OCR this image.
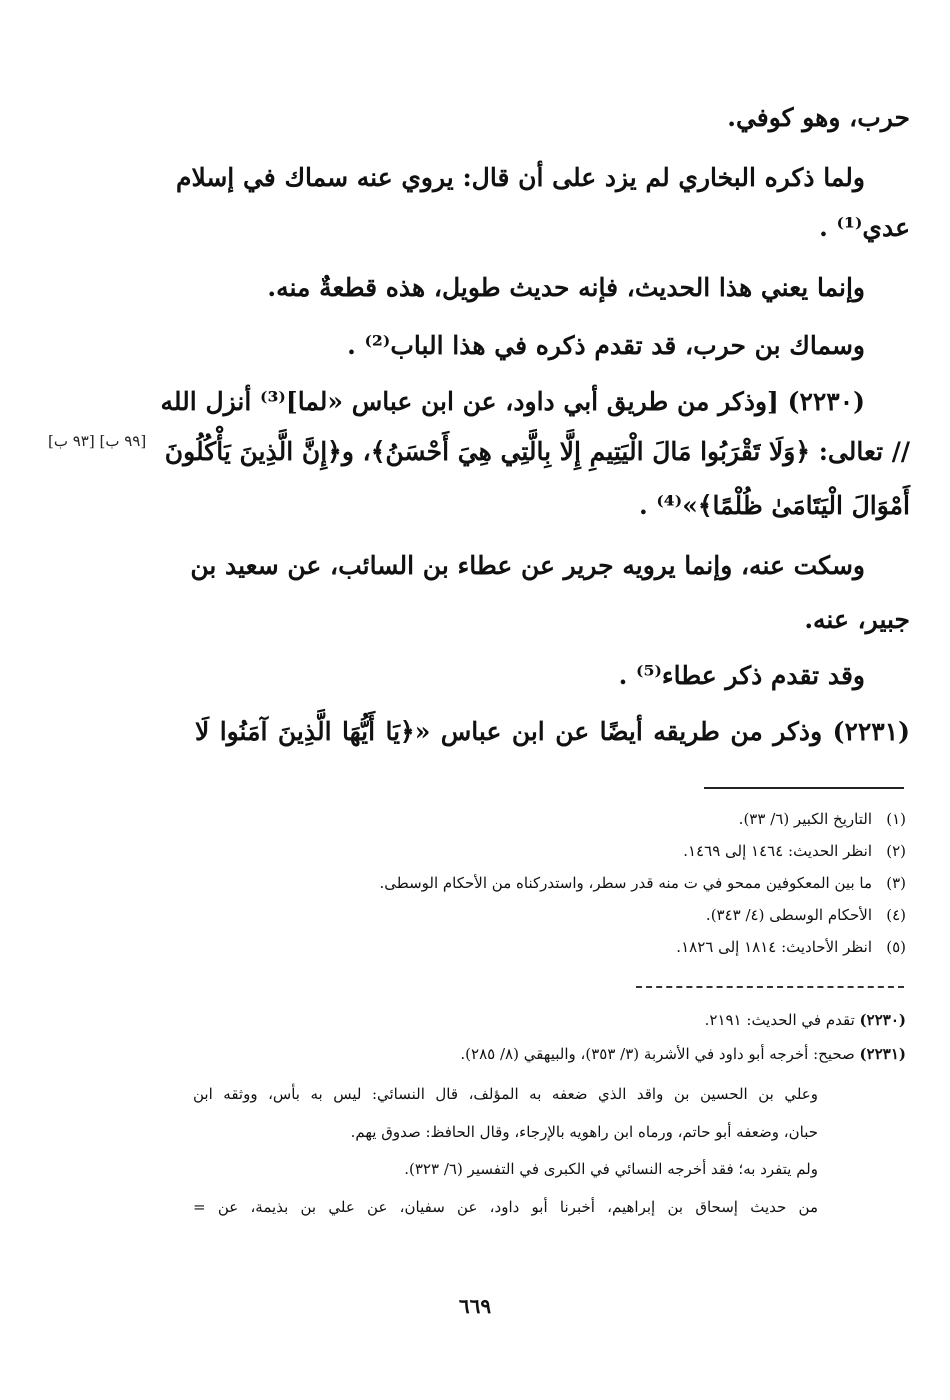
حرب، وهو كوفي.
ولما ذكره البخاري لم يزد على أن قال: يروي عنه سماك في إسلام
عدي⁽¹⁾ .
وإنما يعني هذا الحديث، فإنه حديث طويل، هذه قطعةٌ منه.
وسماك بن حرب، قد تقدم ذكره في هذا الباب⁽²⁾ .
(٢٢٣٠) [وذكر من طريق أبي داود، عن ابن عباس «لما]⁽³⁾ أنزل الله
// تعالى: ﴿وَلَا تَقْرَبُوا مَالَ الْيَتِيمِ إِلَّا بِالَّتِي هِيَ أَحْسَنُ﴾، و﴿إِنَّ الَّذِينَ يَأْكُلُونَ
[٩٩ ب] [٩٣ ب]
أَمْوَالَ الْيَتَامَىٰ ظُلْمًا﴾»⁽⁴⁾ .
وسكت عنه، وإنما يرويه جرير عن عطاء بن السائب، عن سعيد بن
جبير، عنه.
وقد تقدم ذكر عطاء⁽⁵⁾ .
(٢٢٣١) وذكر من طريقه أيضًا عن ابن عباس «﴿يَا أَيُّهَا الَّذِينَ آمَنُوا لَا
(١)التاريخ الكبير (٦/ ٣٣).
(٢)انظر الحديث: ١٤٦٤ إلى ١٤٦٩.
(٣)ما بين المعكوفين ممحو في ت منه قدر سطر، واستدركناه من الأحكام الوسطى.
(٤)الأحكام الوسطى (٤/ ٣٤٣).
(٥)انظر الأحاديث: ١٨١٤ إلى ١٨٢٦.
(٢٢٣٠) تقدم في الحديث: ٢١٩١.
(٢٢٣١) صحيح: أخرجه أبو داود في الأشربة (٣/ ٣٥٣)، والبيهقي (٨/ ٢٨٥).
وعلي بن الحسين بن واقد الذي ضعفه به المؤلف، قال النسائي: ليس به بأس، ووثقه ابن
حبان، وضعفه أبو حاتم، ورماه ابن راهويه بالإرجاء، وقال الحافظ: صدوق يهم.
ولم يتفرد به؛ فقد أخرجه النسائي في الكبرى في التفسير (٦/ ٣٢٣).
من حديث إسحاق بن إبراهيم، أخبرنا أبو داود، عن سفيان، عن علي بن بذيمة، عن =
٦٦٩
